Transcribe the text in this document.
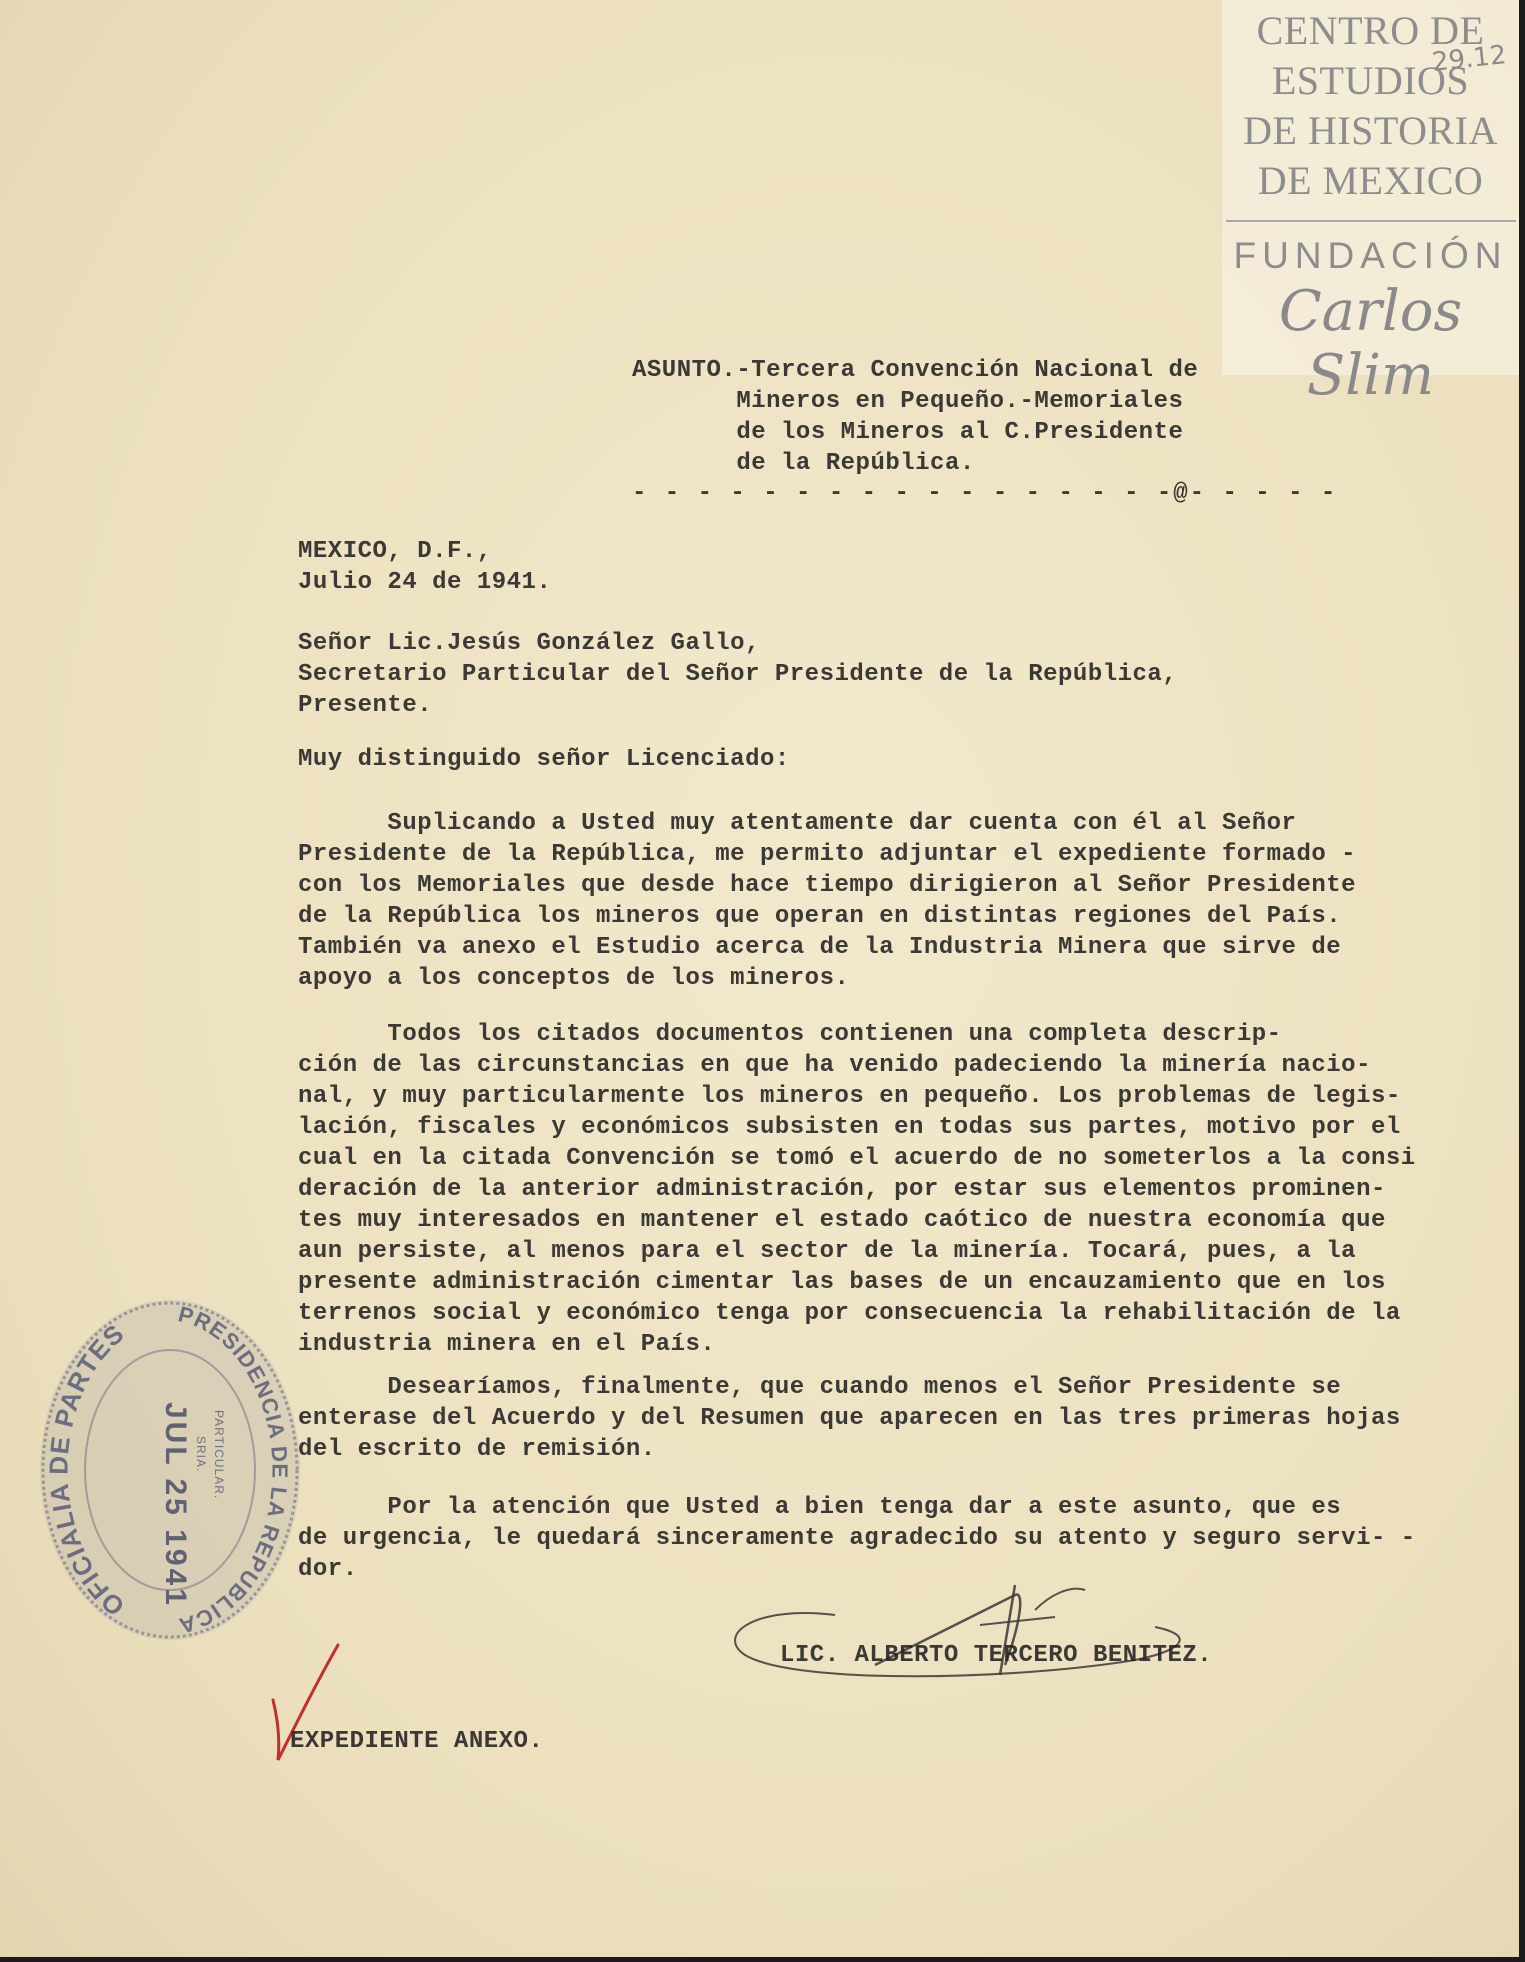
CENTRO DE
ESTUDIOS
DE HISTORIA
DE MEXICO
FUNDACIÓN
Carlos Slim
29.12
ASUNTO.-Tercera Convención Nacional de
Mineros en Pequeño.-Memoriales
de los Mineros al C.Presidente
de la República.
- - - - - - - - - - - - - - - - -@- - - - -
MEXICO, D.F.,
Julio 24 de 1941.
Señor Lic.Jesús González Gallo,
Secretario Particular del Señor Presidente de la República,
Presente.
Muy distinguido señor Licenciado:
Suplicando a Usted muy atentamente dar cuenta con él al Señor
Presidente de la República, me permito adjuntar el expediente formado -
con los Memoriales que desde hace tiempo dirigieron al Señor Presidente
de la República los mineros que operan en distintas regiones del País.
También va anexo el Estudio acerca de la Industria Minera que sirve de
apoyo a los conceptos de los mineros.
Todos los citados documentos contienen una completa descrip-
ción de las circunstancias en que ha venido padeciendo la minería nacio-
nal, y muy particularmente los mineros en pequeño. Los problemas de legis-
lación, fiscales y económicos subsisten en todas sus partes, motivo por el
cual en la citada Convención se tomó el acuerdo de no someterlos a la consi
deración de la anterior administración, por estar sus elementos prominen-
tes muy interesados en mantener el estado caótico de nuestra economía que
aun persiste, al menos para el sector de la minería. Tocará, pues, a la
presente administración cimentar las bases de un encauzamiento que en los
terrenos social y económico tenga por consecuencia la rehabilitación de la
industria minera en el País.
Desearíamos, finalmente, que cuando menos el Señor Presidente se
enterase del Acuerdo y del Resumen que aparecen en las tres primeras hojas
del escrito de remisión.
Por la atención que Usted a bien tenga dar a este asunto, que es
de urgencia, le quedará sinceramente agradecido su atento y seguro servi- -
dor.
LIC. ALBERTO TERCERO BENITEZ.
EXPEDIENTE ANEXO.
OFICIALIA DE PARTES
PRESIDENCIA DE LA REPUBLICA
JUL 25 1941 SRIA. PARTICULAR.
